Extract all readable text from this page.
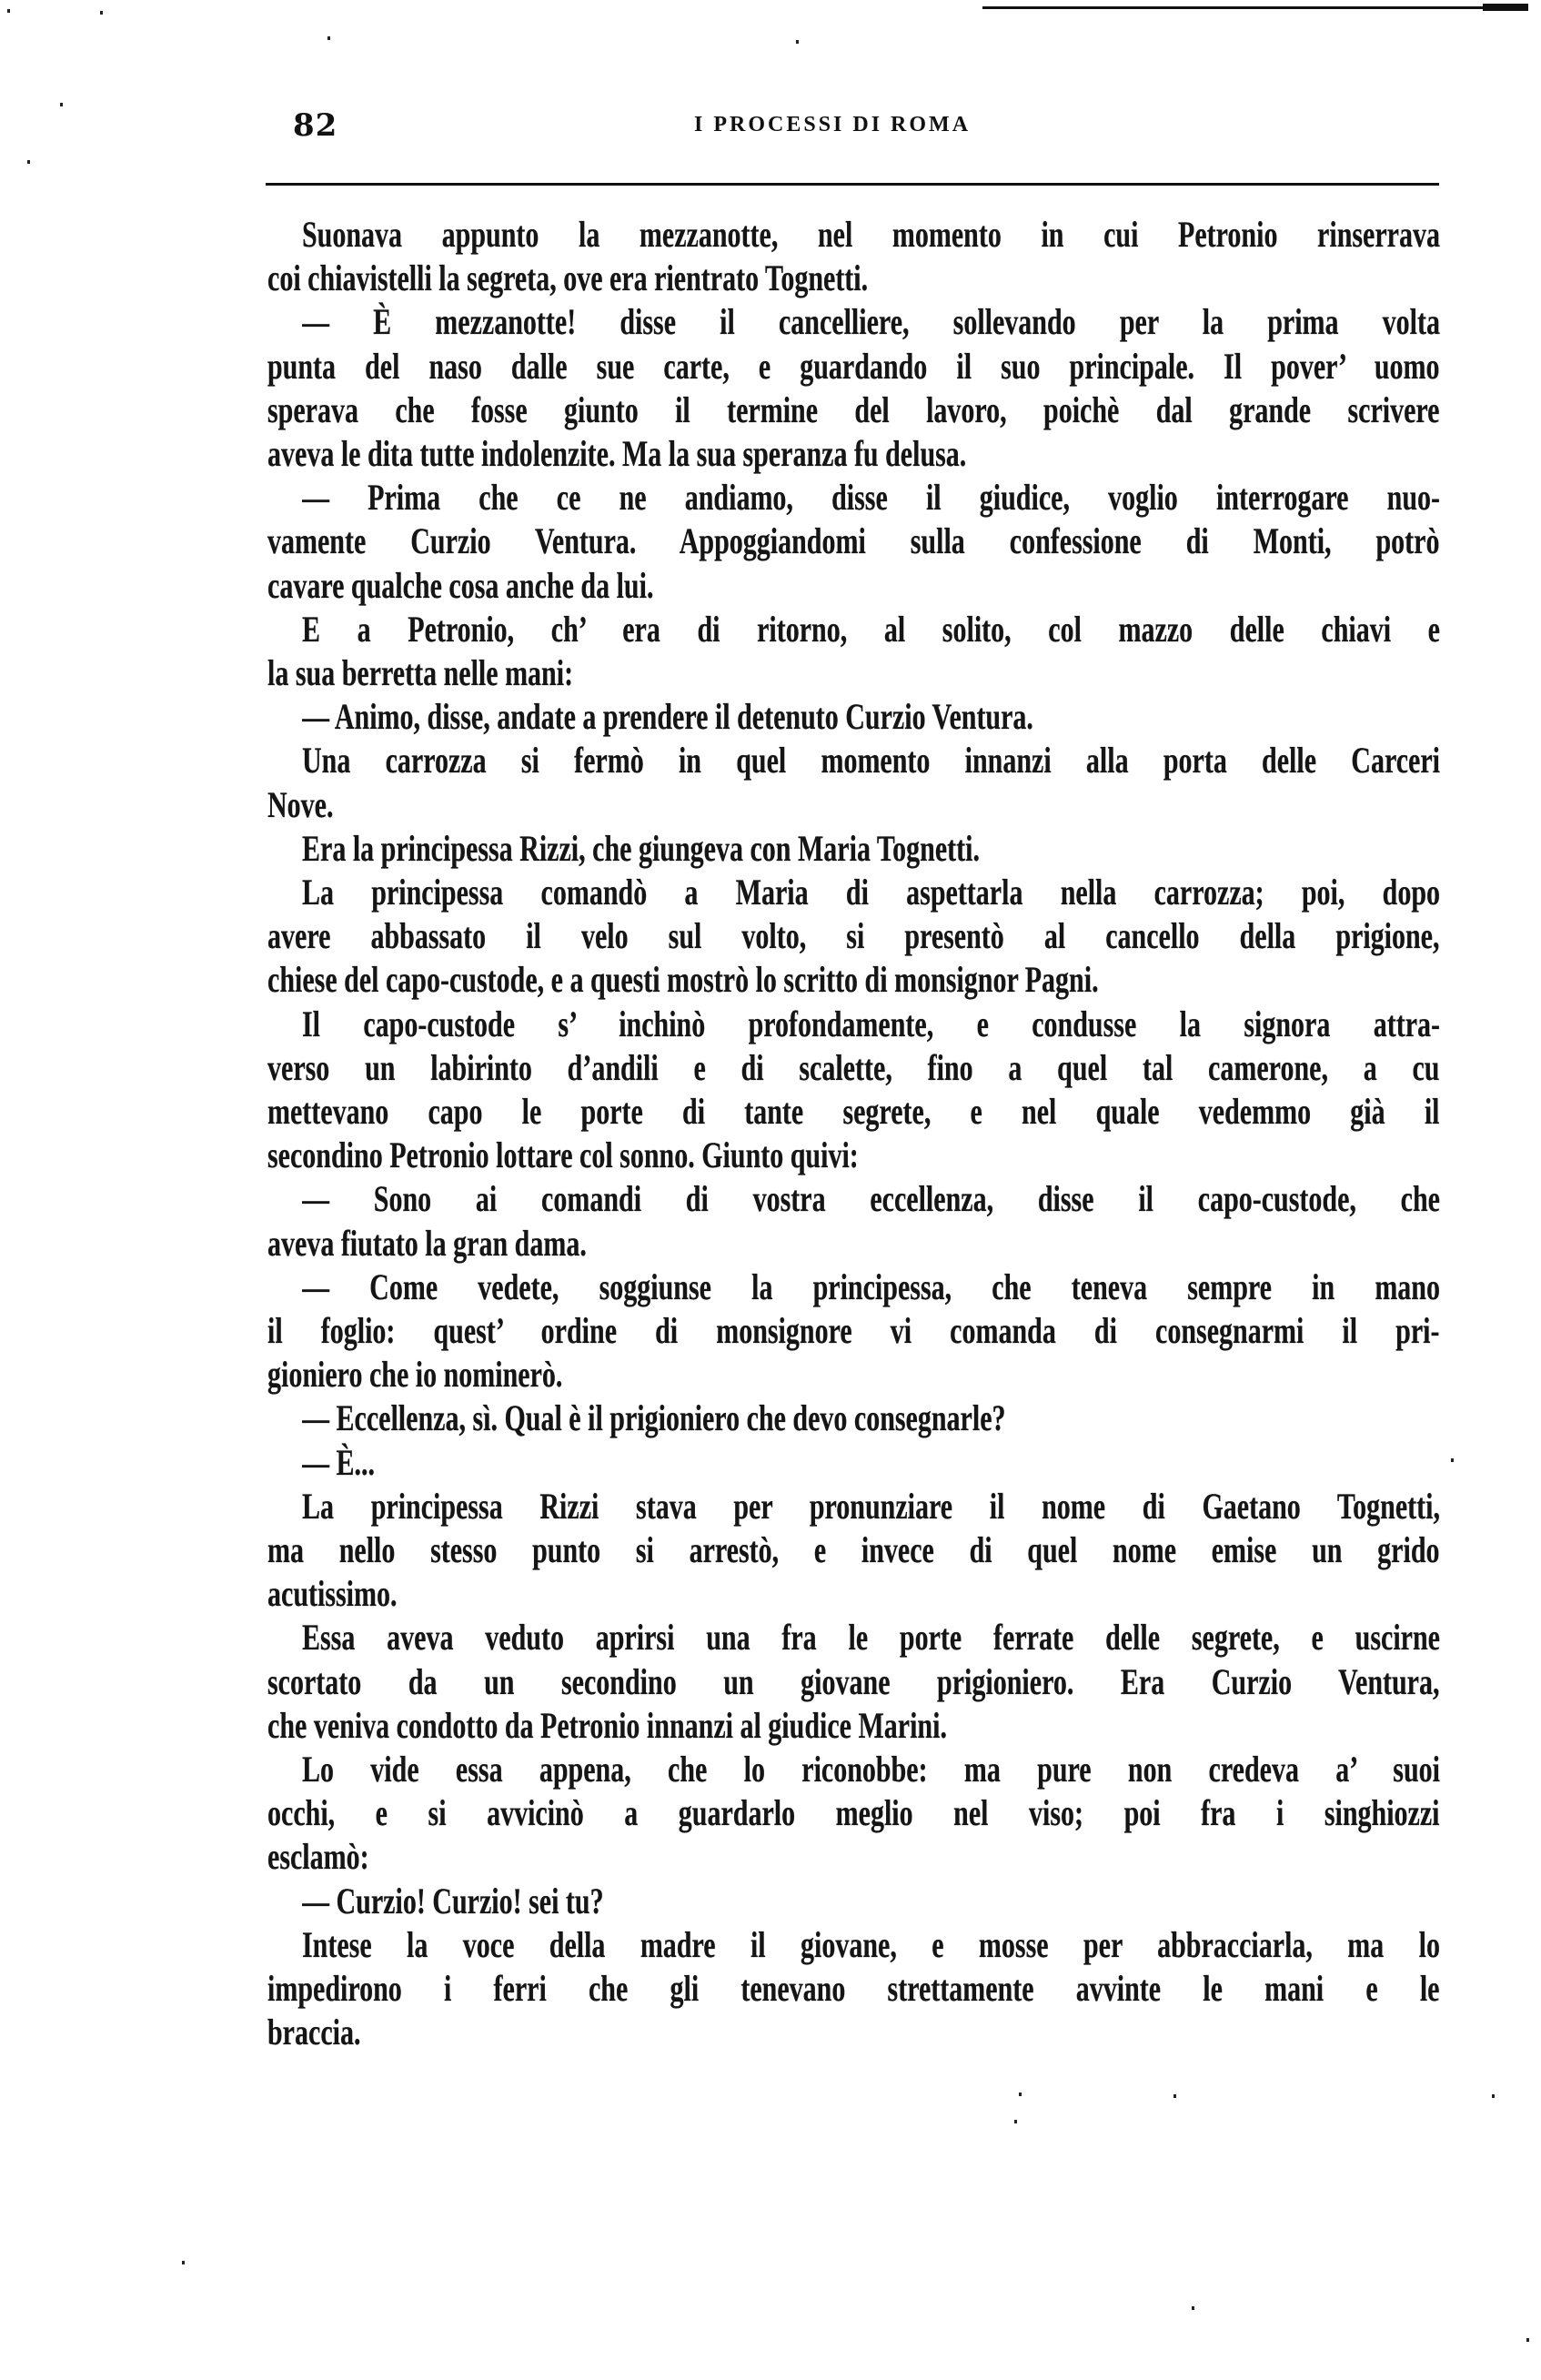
82	I PROCESSI DI ROMA
Suonava appunto la mezzanotte, nel momento in cui Petronio rinserrava
coi chiavistelli la segreta, ove era rientrato Tognetti.
— È mezzanotte! disse il cancelliere, sollevando per la prima volta
punta del naso dalle sue carte, e guardando il suo principale. Il pover’ uomo
sperava che fosse giunto il termine del lavoro, poichè dal grande scrivere
aveva le dita tutte indolenzite. Ma la sua speranza fu delusa.
— Prima che ce ne andiamo, disse il giudice, voglio interrogare nuo-
vamente Curzio Ventura. Appoggiandomi sulla confessione di Monti, potrò
cavare qualche cosa anche da lui.
E a Petronio, ch’ era di ritorno, al solito, col mazzo delle chiavi e
la sua berretta nelle mani:
— Animo, disse, andate a prendere il detenuto Curzio Ventura.
Una carrozza si fermò in quel momento innanzi alla porta delle Carceri
Nove.
Era la principessa Rizzi, che giungeva con Maria Tognetti.
La principessa comandò a Maria di aspettarla nella carrozza; poi, dopo
avere abbassato il velo sul volto, si presentò al cancello della prigione,
chiese del capo-custode, e a questi mostrò lo scritto di monsignor Pagni.
Il capo-custode s’ inchinò profondamente, e condusse la signora attra-
verso un labirinto d’andili e di scalette, fino a quel tal camerone, a cu
mettevano capo le porte di tante segrete, e nel quale vedemmo già il
secondino Petronio lottare col sonno. Giunto quivi:
— Sono ai comandi di vostra eccellenza, disse il capo-custode, che
aveva fiutato la gran dama.
— Come vedete, soggiunse la principessa, che teneva sempre in mano
il foglio: quest’ ordine di monsignore vi comanda di consegnarmi il pri-
gioniero che io nominerò.
— Eccellenza, sì. Qual è il prigioniero che devo consegnarle?
— È...
La principessa Rizzi stava per pronunziare il nome di Gaetano Tognetti,
ma nello stesso punto si arrestò, e invece di quel nome emise un grido
acutissimo.
Essa aveva veduto aprirsi una fra le porte ferrate delle segrete, e uscirne
scortato da un secondino un giovane prigioniero. Era Curzio Ventura,
che veniva condotto da Petronio innanzi al giudice Marini.
Lo vide essa appena, che lo riconobbe: ma pure non credeva a’ suoi
occhi, e si avvicinò a guardarlo meglio nel viso; poi fra i singhiozzi
esclamò:
— Curzio! Curzio! sei tu?
Intese la voce della madre il giovane, e mosse per abbracciarla, ma lo
impedirono i ferri che gli tenevano strettamente avvinte le mani e le
braccia.
